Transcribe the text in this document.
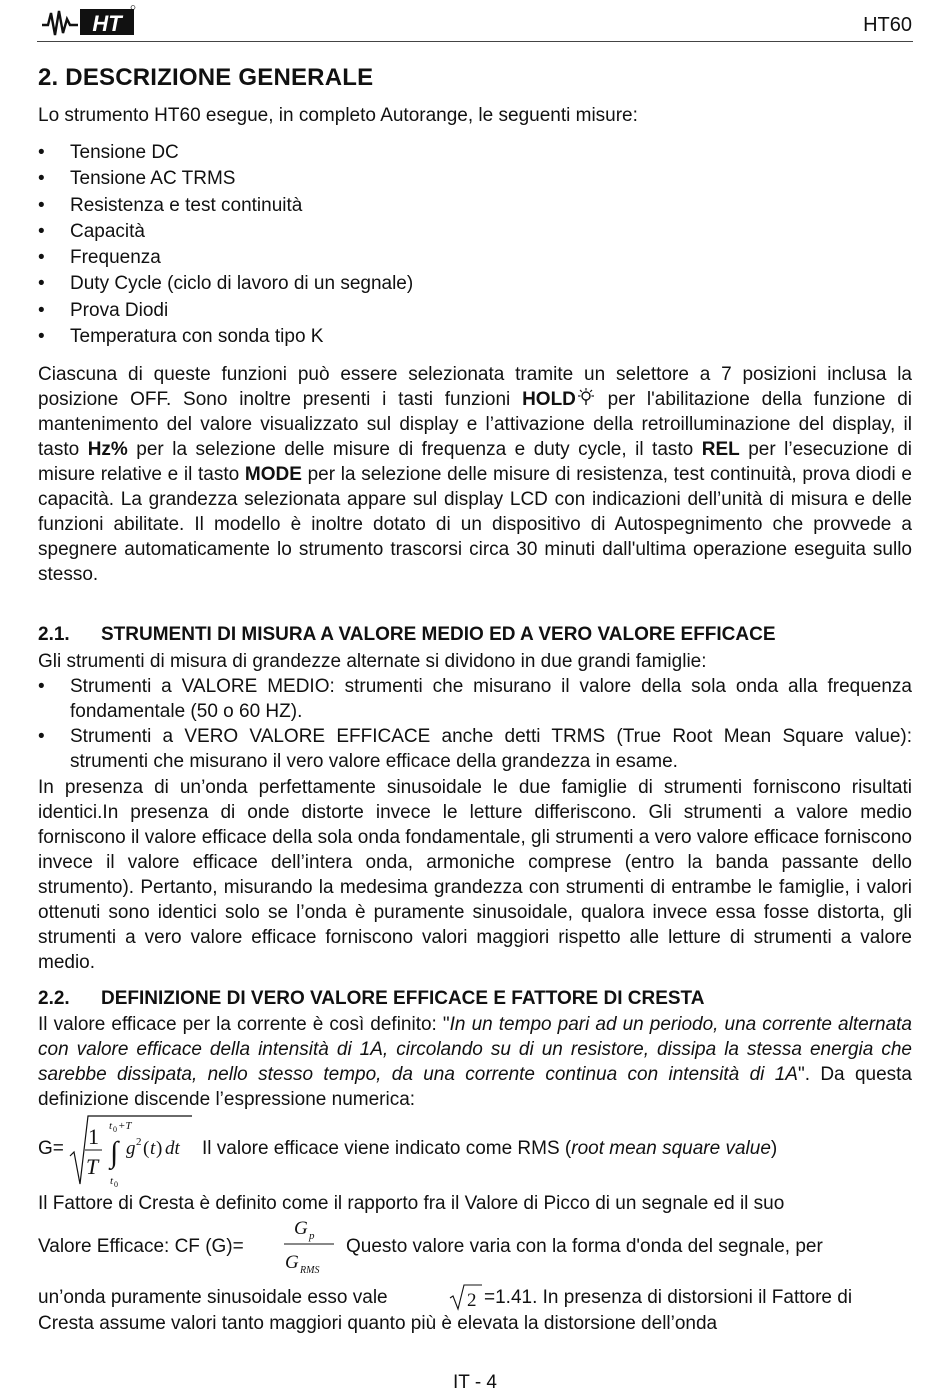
HT	HT60
2. DESCRIZIONE GENERALE
Lo strumento HT60 esegue, in completo Autorange, le seguenti misure:
• Tensione DC
• Tensione AC TRMS
• Resistenza e test continuità
• Capacità
• Frequenza
• Duty Cycle (ciclo di lavoro di un segnale)
• Prova Diodi
• Temperatura con sonda tipo K
Ciascuna di queste funzioni può essere selezionata tramite un selettore a 7 posizioni inclusa la posizione OFF. Sono inoltre presenti i tasti funzioni HOLD per l'abilitazione della funzione di mantenimento del valore visualizzato sul display e l’attivazione della retroilluminazione del display, il tasto Hz% per la selezione delle misure di frequenza e duty cycle, il tasto REL per l’esecuzione di misure relative e il tasto MODE per la selezione delle misure di resistenza, test continuità, prova diodi e capacità. La grandezza selezionata appare sul display LCD con indicazioni dell’unità di misura e delle funzioni abilitate. Il modello è inoltre dotato di un dispositivo di Autospegnimento che provvede a spegnere automaticamente lo strumento trascorsi circa 30 minuti dall'ultima operazione eseguita sullo stesso.
2.1. STRUMENTI DI MISURA A VALORE MEDIO ED A VERO VALORE EFFICACE
Gli strumenti di misura di grandezze alternate si dividono in due grandi famiglie:
• Strumenti a VALORE MEDIO: strumenti che misurano il valore della sola onda alla frequenza fondamentale (50 o 60 HZ).
• Strumenti a VERO VALORE EFFICACE anche detti TRMS (True Root Mean Square value): strumenti che misurano il vero valore efficace della grandezza in esame.
In presenza di un’onda perfettamente sinusoidale le due famiglie di strumenti forniscono risultati identici.In presenza di onde distorte invece le letture differiscono. Gli strumenti a valore medio forniscono il valore efficace della sola onda fondamentale, gli strumenti a vero valore efficace forniscono invece il valore efficace dell’intera onda, armoniche comprese (entro la banda passante dello strumento). Pertanto, misurando la medesima grandezza con strumenti di entrambe le famiglie, i valori ottenuti sono identici solo se l’onda è puramente sinusoidale, qualora invece essa fosse distorta, gli strumenti a vero valore efficace forniscono valori maggiori rispetto alle letture di strumenti a valore medio.
2.2. DEFINIZIONE DI VERO VALORE EFFICACE E FATTORE DI CRESTA
Il valore efficace per la corrente è così definito: "In un tempo pari ad un periodo, una corrente alternata con valore efficace della intensità di 1A, circolando su di un resistore, dissipa la stessa energia che sarebbe dissipata, nello stesso tempo, da una corrente continua con intensità di 1A". Da questa definizione discende l’espressione numerica:
G= 1
T
t 0 +T
∫
t 0
g 2 ( t ) dt Il valore efficace viene indicato come RMS (root mean square value)
Il Fattore di Cresta è definito come il rapporto fra il Valore di Picco di un segnale ed il suo
Valore Efficace: CF (G)=
G p
G RMS
Questo valore varia con la forma d'onda del segnale, per
un’onda puramente sinusoidale esso vale	2 =1.41. In presenza di distorsioni il Fattore di
Cresta assume valori tanto maggiori quanto più è elevata la distorsione dell’onda
IT - 4
